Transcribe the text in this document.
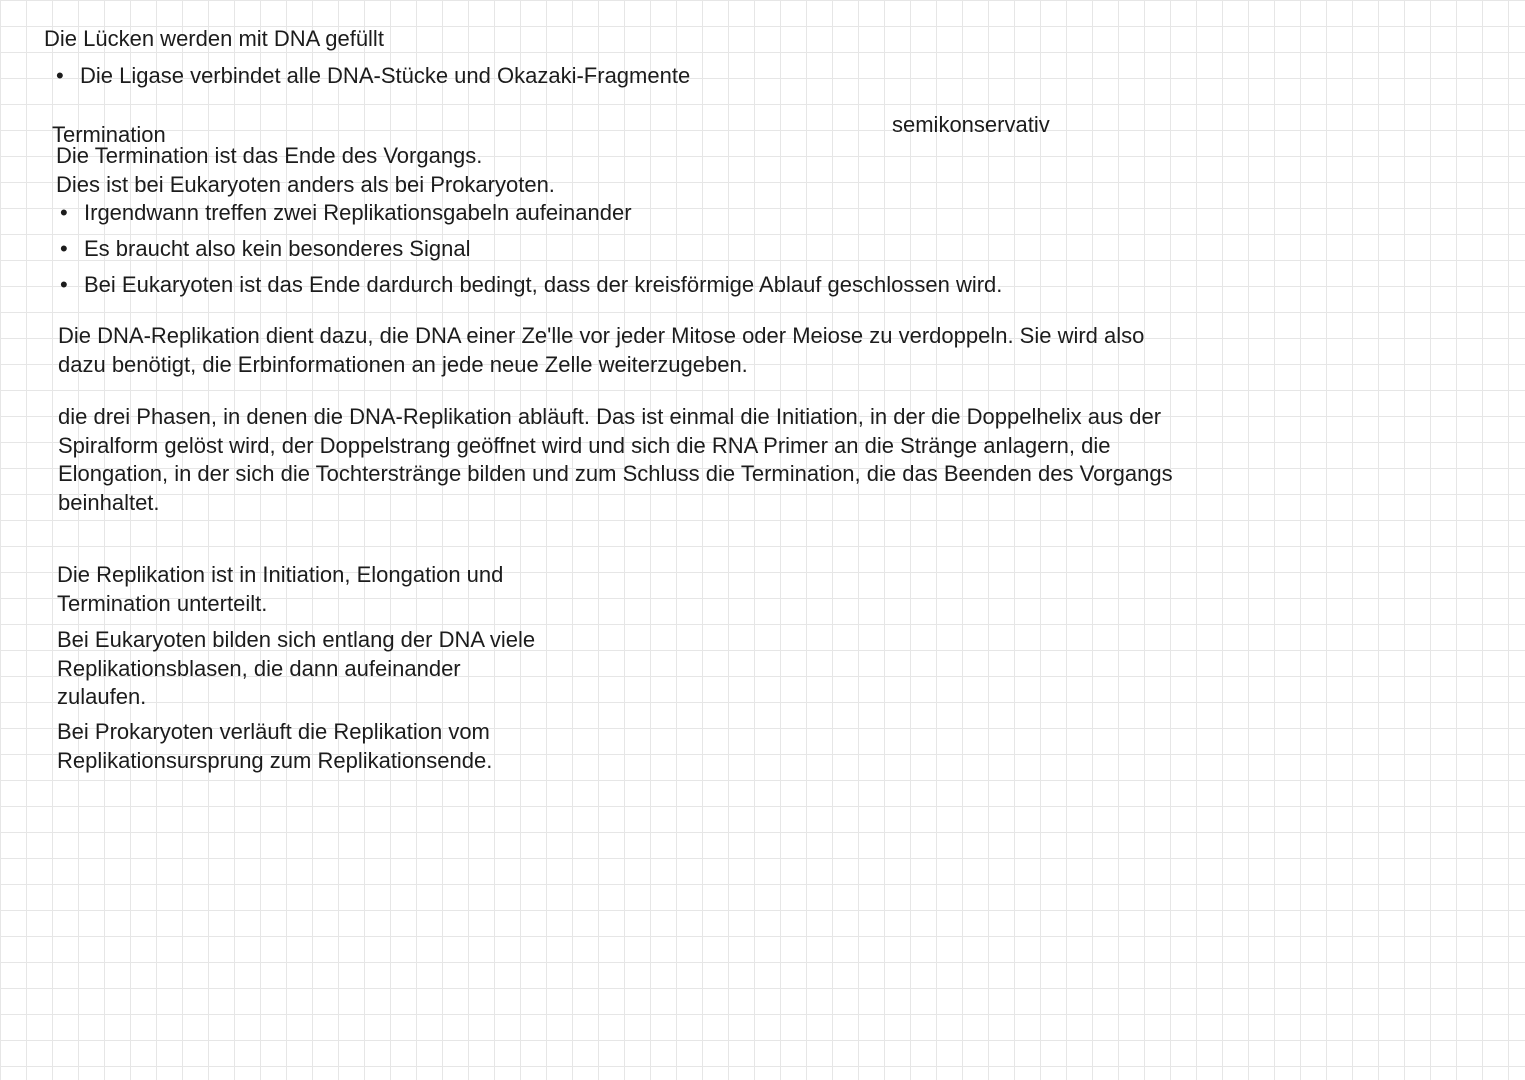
Die Lücken werden mit DNA gefüllt

• Die Ligase verbindet alle DNA-Stücke und Okazaki-Fragmente

semikonservativ

Termination

Die Termination ist das Ende des Vorgangs.

Dies ist bei Eukaryoten anders als bei Prokaryoten.

• Irgendwann treffen zwei Replikationsgabeln aufeinander

• Es braucht also kein besonderes Signal

• Bei Eukaryoten ist das Ende dardurch bedingt, dass der kreisförmige Ablauf geschlossen wird.

Die DNA-Replikation dient dazu, die DNA einer Ze'lle vor jeder Mitose oder Meiose zu verdoppeln. Sie wird also
dazu benötigt, die Erbinformationen an jede neue Zelle weiterzugeben.
die drei Phasen, in denen die DNA-Replikation abläuft. Das ist einmal die Initiation, in der die Doppelhelix aus der
Spiralform gelöst wird, der Doppelstrang geöffnet wird und sich die RNA Primer an die Stränge anlagern, die
Elongation, in der sich die Tochterstränge bilden und zum Schluss die Termination, die das Beenden des Vorgangs
beinhaltet.
Die Replikation ist in Initiation, Elongation und
Termination unterteilt.
Bei Eukaryoten bilden sich entlang der DNA viele
Replikationsblasen, die dann aufeinander
zulaufen.
Bei Prokaryoten verläuft die Replikation vom
Replikationsursprung zum Replikationsende.
